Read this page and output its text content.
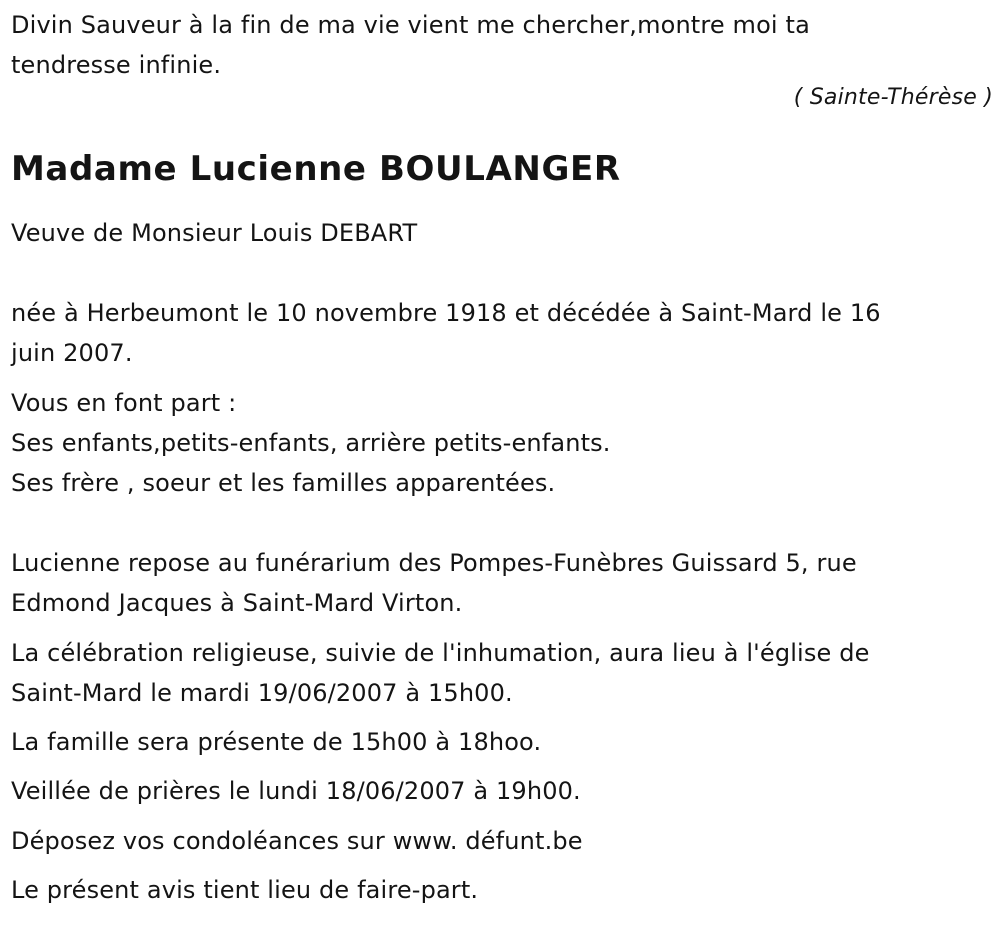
Divin Sauveur à la fin de ma vie vient me chercher,montre moi ta
tendresse infinie.
( Sainte-Thérèse )
Madame Lucienne BOULANGER

Veuve de Monsieur Louis DEBART

née à Herbeumont le 10 novembre 1918 et décédée à Saint-Mard le 16
juin 2007.

Vous en font part :
Ses enfants,petits-enfants, arrière petits-enfants.
Ses frère , soeur et les familles apparentées.

Lucienne repose au funérarium des Pompes-Funèbres Guissard 5, rue
Edmond Jacques à Saint-Mard Virton.

La célébration religieuse, suivie de l'inhumation, aura lieu à l'église de
Saint-Mard le mardi 19/06/2007 à 15h00.

La famille sera présente de 15h00 à 18hoo.

Veillée de prières le lundi 18/06/2007 à 19h00.

Déposez vos condoléances sur www. défunt.be

Le présent avis tient lieu de faire-part.
